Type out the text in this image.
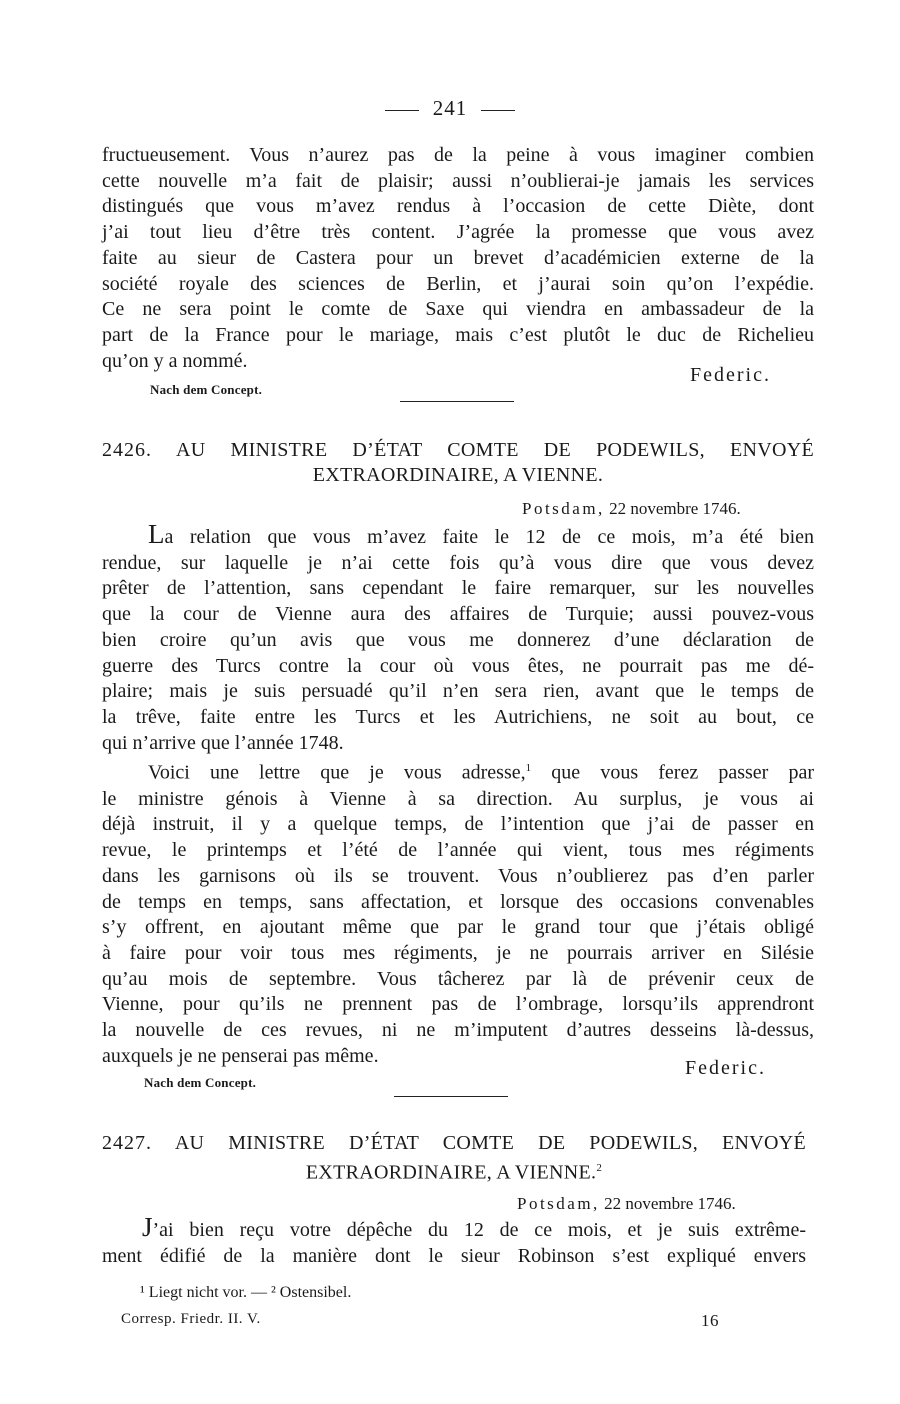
241

fructueusement. Vous n’aurez pas de la peine à vous imaginer combien

cette nouvelle m’a fait de plaisir; aussi n’oublierai-je jamais les services

distingués que vous m’avez rendus à l’occasion de cette Diète, dont

j’ai tout lieu d’être très content. J’agrée la promesse que vous avez

faite au sieur de Castera pour un brevet d’académicien externe de la

société royale des sciences de Berlin, et j’aurai soin qu’on l’expédie.

Ce ne sera point le comte de Saxe qui viendra en ambassadeur de la

part de la France pour le mariage, mais c’est plutôt le duc de Richelieu

qu’on y a nommé.

Federic.
Nach dem Concept.
2426. AU MINISTRE D’ÉTAT COMTE DE PODEWILS, ENVOYÉ
EXTRAORDINAIRE, A VIENNE.
Potsdam, 22 novembre 1746.

La relation que vous m’avez faite le 12 de ce mois, m’a été bien

rendue, sur laquelle je n’ai cette fois qu’à vous dire que vous devez

prêter de l’attention, sans cependant le faire remarquer, sur les nouvelles

que la cour de Vienne aura des affaires de Turquie; aussi pouvez-vous

bien croire qu’un avis que vous me donnerez d’une déclaration de

guerre des Turcs contre la cour où vous êtes, ne pourrait pas me dé-

plaire; mais je suis persuadé qu’il n’en sera rien, avant que le temps de

la trêve, faite entre les Turcs et les Autrichiens, ne soit au bout, ce

qui n’arrive que l’année 1748.

Voici une lettre que je vous adresse,$^1$ que vous ferez passer par

le ministre génois à Vienne à sa direction. Au surplus, je vous ai

déjà instruit, il y a quelque temps, de l’intention que j’ai de passer en

revue, le printemps et l’été de l’année qui vient, tous mes régiments

dans les garnisons où ils se trouvent. Vous n’oublierez pas d’en parler

de temps en temps, sans affectation, et lorsque des occasions convenables

s’y offrent, en ajoutant même que par le grand tour que j’étais obligé

à faire pour voir tous mes régiments, je ne pourrais arriver en Silésie

qu’au mois de septembre. Vous tâcherez par là de prévenir ceux de

Vienne, pour qu’ils ne prennent pas de l’ombrage, lorsqu’ils apprendront

la nouvelle de ces revues, ni ne m’imputent d’autres desseins là-dessus,

auxquels je ne penserai pas même.

Federic.
Nach dem Concept.
2427. AU MINISTRE D’ÉTAT COMTE DE PODEWILS, ENVOYÉ
EXTRAORDINAIRE, A VIENNE.$^2$
Potsdam, 22 novembre 1746.

J’ai bien reçu votre dépêche du 12 de ce mois, et je suis extrême-

ment édifié de la manière dont le sieur Robinson s’est expliqué envers

¹ Liegt nicht vor. — ² Ostensibel.
Corresp. Friedr. II. V.	16
